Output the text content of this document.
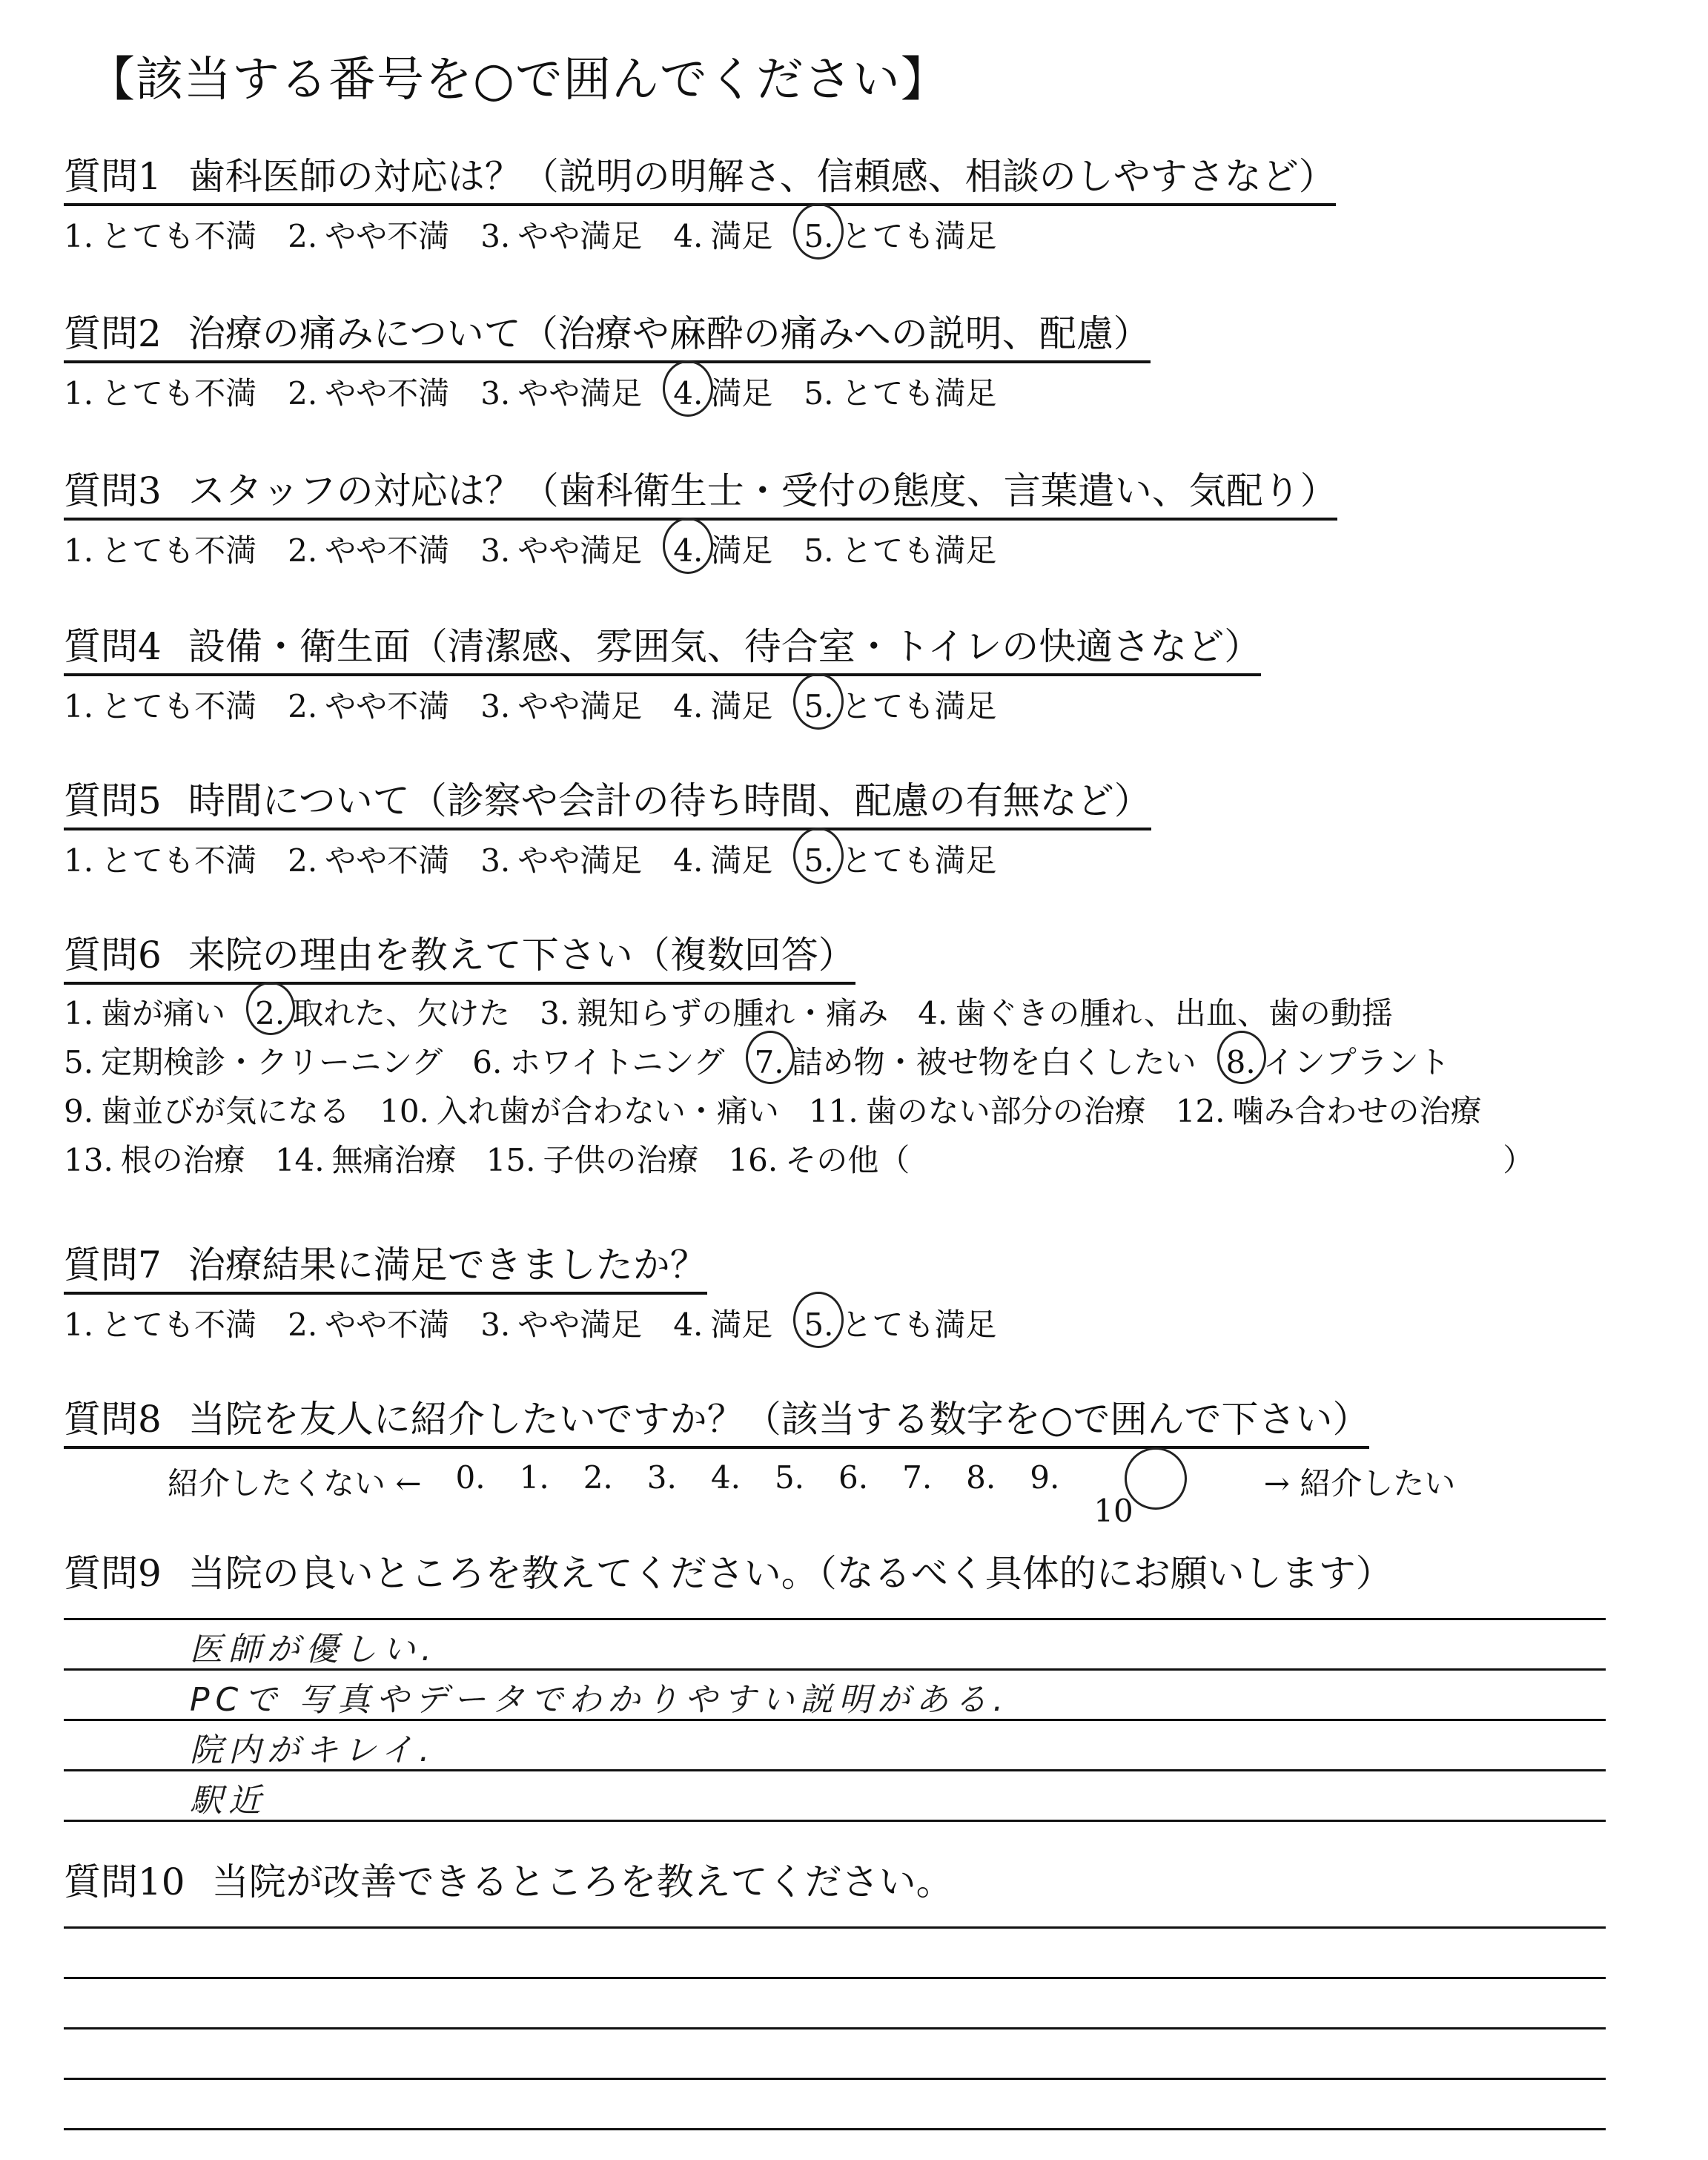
【該当する番号を○で囲んでください】
質問1 歯科医師の対応は？（説明の明解さ、信頼感、相談のしやすさなど）
1. とても不満 2. やや不満 3. やや満足 4. 満足 5. とても満足
質問2 治療の痛みについて（治療や麻酔の痛みへの説明、配慮）
1. とても不満 2. やや不満 3. やや満足 4. 満足 5. とても満足
質問3 スタッフの対応は？（歯科衛生士・受付の態度、言葉遣い、気配り）
1. とても不満 2. やや不満 3. やや満足 4. 満足 5. とても満足
質問4 設備・衛生面（清潔感、雰囲気、待合室・トイレの快適さなど）
1. とても不満 2. やや不満 3. やや満足 4. 満足 5. とても満足
質問5 時間について（診察や会計の待ち時間、配慮の有無など）
1. とても不満 2. やや不満 3. やや満足 4. 満足 5. とても満足
質問6 来院の理由を教えて下さい（複数回答）
1. 歯が痛い 2. 取れた、欠けた 3. 親知らずの腫れ・痛み 4. 歯ぐきの腫れ、出血、歯の動揺
5. 定期検診・クリーニング 6. ホワイトニング 7. 詰め物・被せ物を白くしたい 8. インプラント
9. 歯並びが気になる 10. 入れ歯が合わない・痛い 11. 歯のない部分の治療 12. 噛み合わせの治療
13. 根の治療 14. 無痛治療 15. 子供の治療 16. その他（	）
質問7 治療結果に満足できましたか？
1. とても不満 2. やや不満 3. やや満足 4. 満足 5. とても満足
質問8 当院を友人に紹介したいですか？（該当する数字を○で囲んで下さい）
紹介したくない ← 0. 1. 2. 3. 4. 5. 6. 7. 8. 9.
10
→ 紹介したい
質問9 当院の良いところを教えてください。（なるべく具体的にお願いします）
医師が優しい.
PCで 写真やデータでわかりやすい説明がある.
院内がキレイ.
駅近
質問10 当院が改善できるところを教えてください。
